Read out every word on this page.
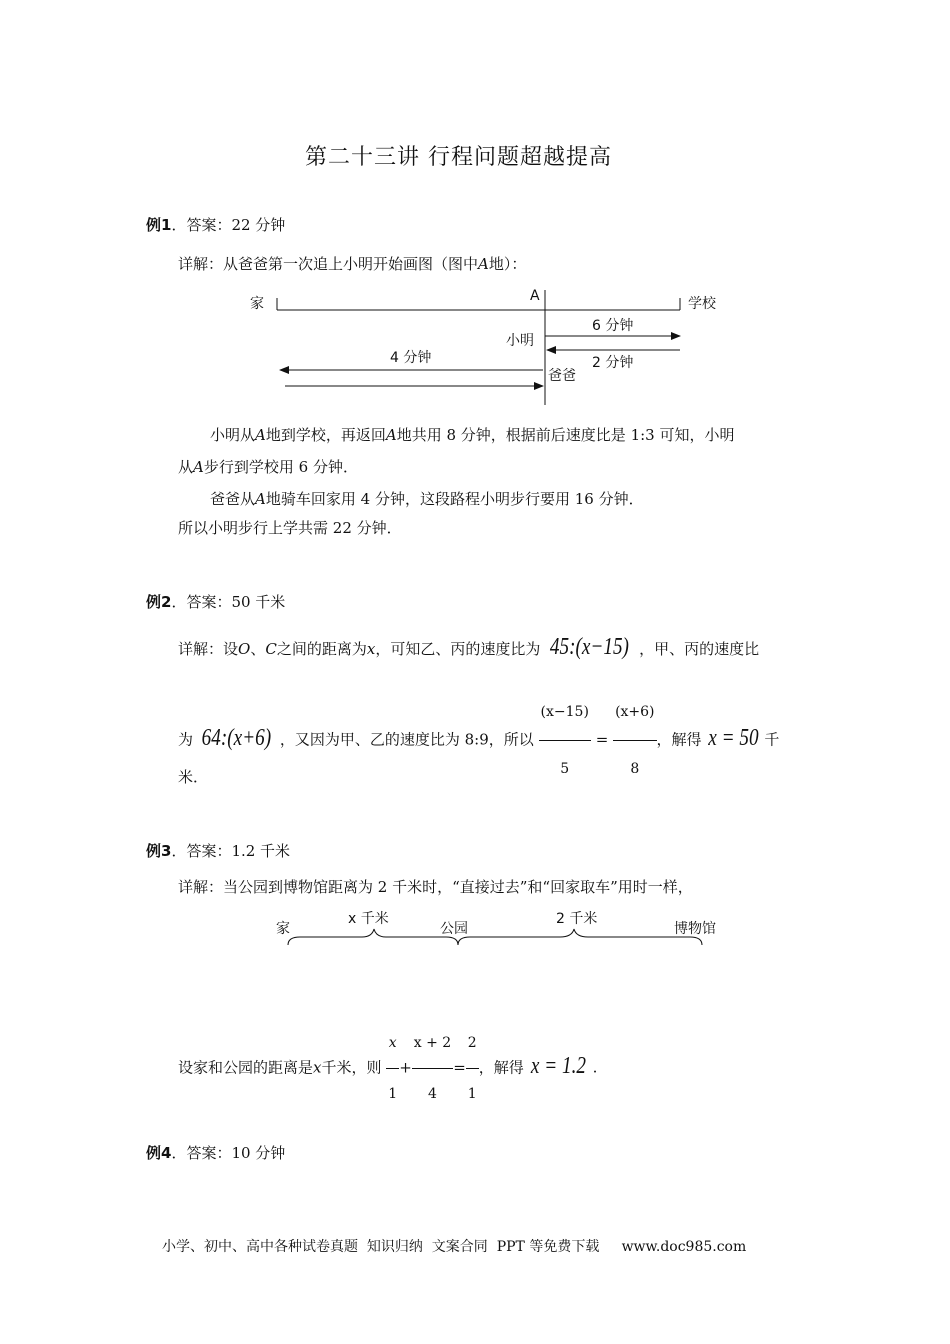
第二十三讲 行程问题超越提高
例1．答案：22 分钟
详解：从爸爸第一次追上小明开始画图（图中A地）：
家	A	学校
6 分钟
小明
2 分钟
4 分钟
爸爸
小明从A地到学校，再返回A地共用 8 分钟，根据前后速度比是 1:3 可知，小明
从A步行到学校用 6 分钟．
爸爸从A地骑车回家用 4 分钟，这段路程小明步行要用 16 分钟．
所以小明步行上学共需 22 分钟．
例2．答案：50 千米
详解：设O、C之间的距离为x，可知乙、丙的速度比为 45:(x−15) ，甲、丙的速度比
为 64:(x+6) ，又因为甲、乙的速度比为 8:9，所以 $\frac{(x-15)}{5} = \frac{(x+6)}{8}$ ，解得 x = 50 千
米．
例3．答案：1.2 千米
详解：当公园到博物馆距离为 2 千米时，“直接过去”和“回家取车”用时一样，
家
x 千米
公园
2 千米
博物馆
设家和公园的距离是x千米，则 $\frac{x}{1} + \frac{x + 2}{4} = \frac{2}{1}$ ，解得 x = 1.2 .
例4．答案：10 分钟
小学、初中、高中各种试卷真题  知识归纳  文案合同  PPT 等免费下载     www.doc985.com
